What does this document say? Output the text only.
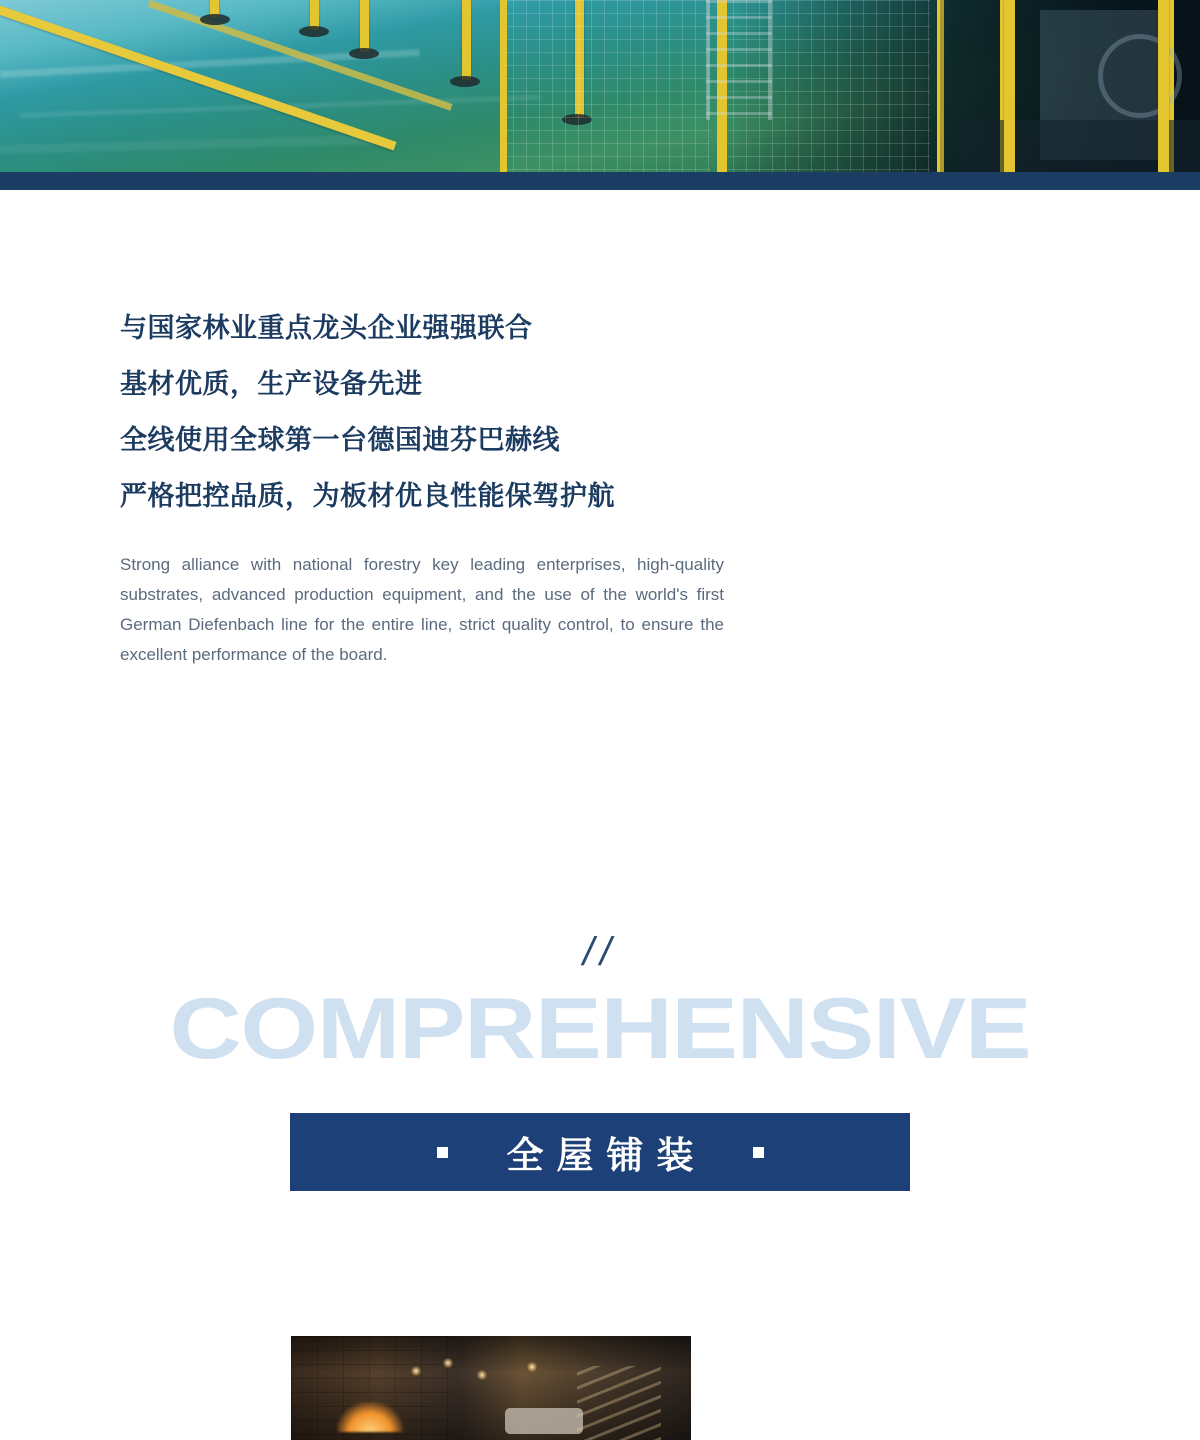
与国家林业重点龙头企业强强联合
基材优质，生产设备先进
全线使用全球第一台德国迪芬巴赫线
严格把控品质，为板材优良性能保驾护航

Strong alliance with national forestry key leading enterprises, high-quality substrates, advanced production equipment, and the use of the world's first German Diefenbach line for the entire line, strict quality control, to ensure the excellent performance of the board.

//
COMPREHENSIVE
全屋铺装
